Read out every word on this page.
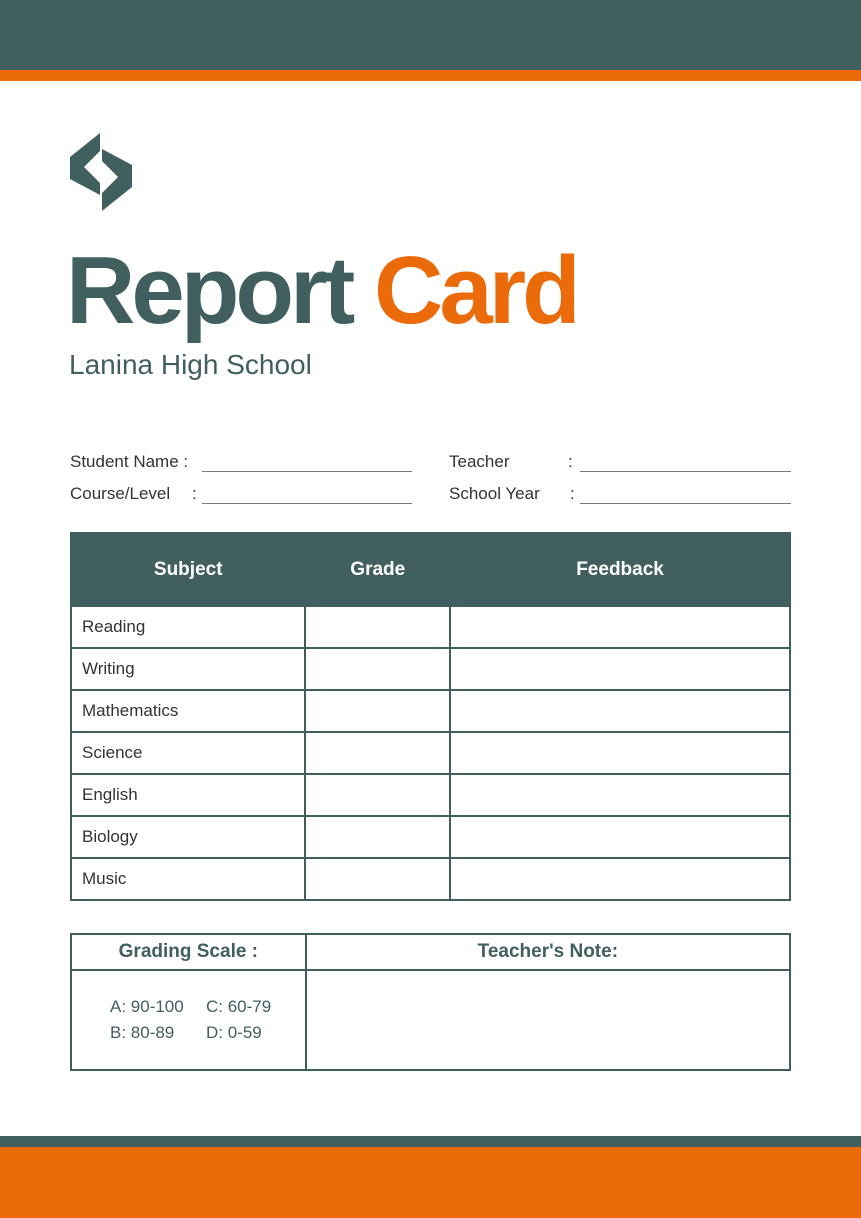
Report Card
Lanina High School
Student Name :
Course/Level :
Teacher	:
School Year :
Subject	Grade	Feedback
Reading		
Writing		
Mathematics		
Science		
English		
Biology		
Music		
Grading Scale :	Teacher's Note:

A: 90-100 C: 60-79
B: 80-89 D: 0-59	
